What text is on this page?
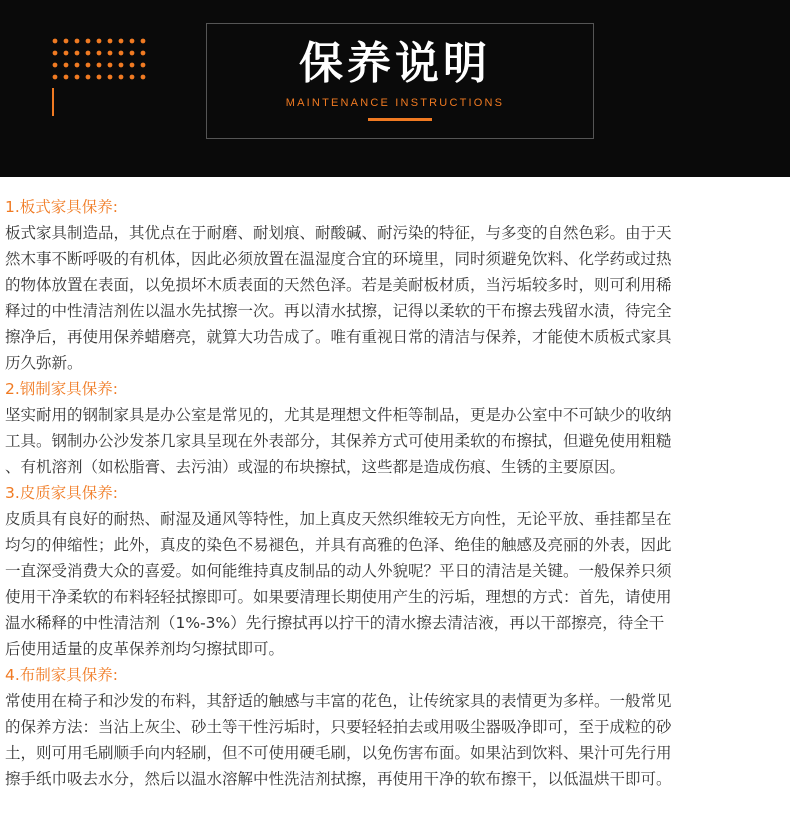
保养说明
MAINTENANCE INSTRUCTIONS

1.板式家具保养:

板式家具制造品，其优点在于耐磨、耐划痕、耐酸碱、耐污染的特征，与多变的自然色彩。由于天

然木事不断呼吸的有机体，因此必须放置在温湿度合宜的环境里，同时须避免饮料、化学药或过热

的物体放置在表面，以免损坏木质表面的天然色泽。若是美耐板材质，当污垢较多时，则可利用稀

释过的中性清洁剂佐以温水先拭擦一次。再以清水拭擦，记得以柔软的干布擦去残留水渍，待完全

擦净后，再使用保养蜡磨亮，就算大功告成了。唯有重视日常的清洁与保养，才能使木质板式家具

历久弥新。

2.钢制家具保养:

坚实耐用的钢制家具是办公室是常见的，尤其是理想文件柜等制品，更是办公室中不可缺少的收纳

工具。钢制办公沙发茶几家具呈现在外表部分，其保养方式可使用柔软的布擦拭，但避免使用粗糙

、有机溶剂（如松脂膏、去污油）或湿的布块擦拭，这些都是造成伤痕、生锈的主要原因。

3.皮质家具保养:

皮质具有良好的耐热、耐湿及通风等特性，加上真皮天然织维较无方向性，无论平放、垂挂都呈在

均匀的伸缩性；此外，真皮的染色不易褪色，并具有高雅的色泽、绝佳的触感及亮丽的外表，因此

一直深受消费大众的喜爱。如何能维持真皮制品的动人外貌呢？平日的清洁是关键。一般保养只须

使用干净柔软的布料轻轻拭擦即可。如果要清理长期使用产生的污垢，理想的方式：首先，请使用

温水稀释的中性清洁剂（1%-3%）先行擦拭再以拧干的清水擦去清洁液，再以干部擦亮，待全干

后使用适量的皮革保养剂均匀擦拭即可。

4.布制家具保养:

常使用在椅子和沙发的布料，其舒适的触感与丰富的花色，让传统家具的表情更为多样。一般常见

的保养方法：当沾上灰尘、砂土等干性污垢时，只要轻轻拍去或用吸尘器吸净即可，至于成粒的砂

土，则可用毛刷顺手向内轻刷，但不可使用硬毛刷，以免伤害布面。如果沾到饮料、果汁可先行用

擦手纸巾吸去水分，然后以温水溶解中性洗洁剂拭擦，再使用干净的软布擦干，以低温烘干即可。
